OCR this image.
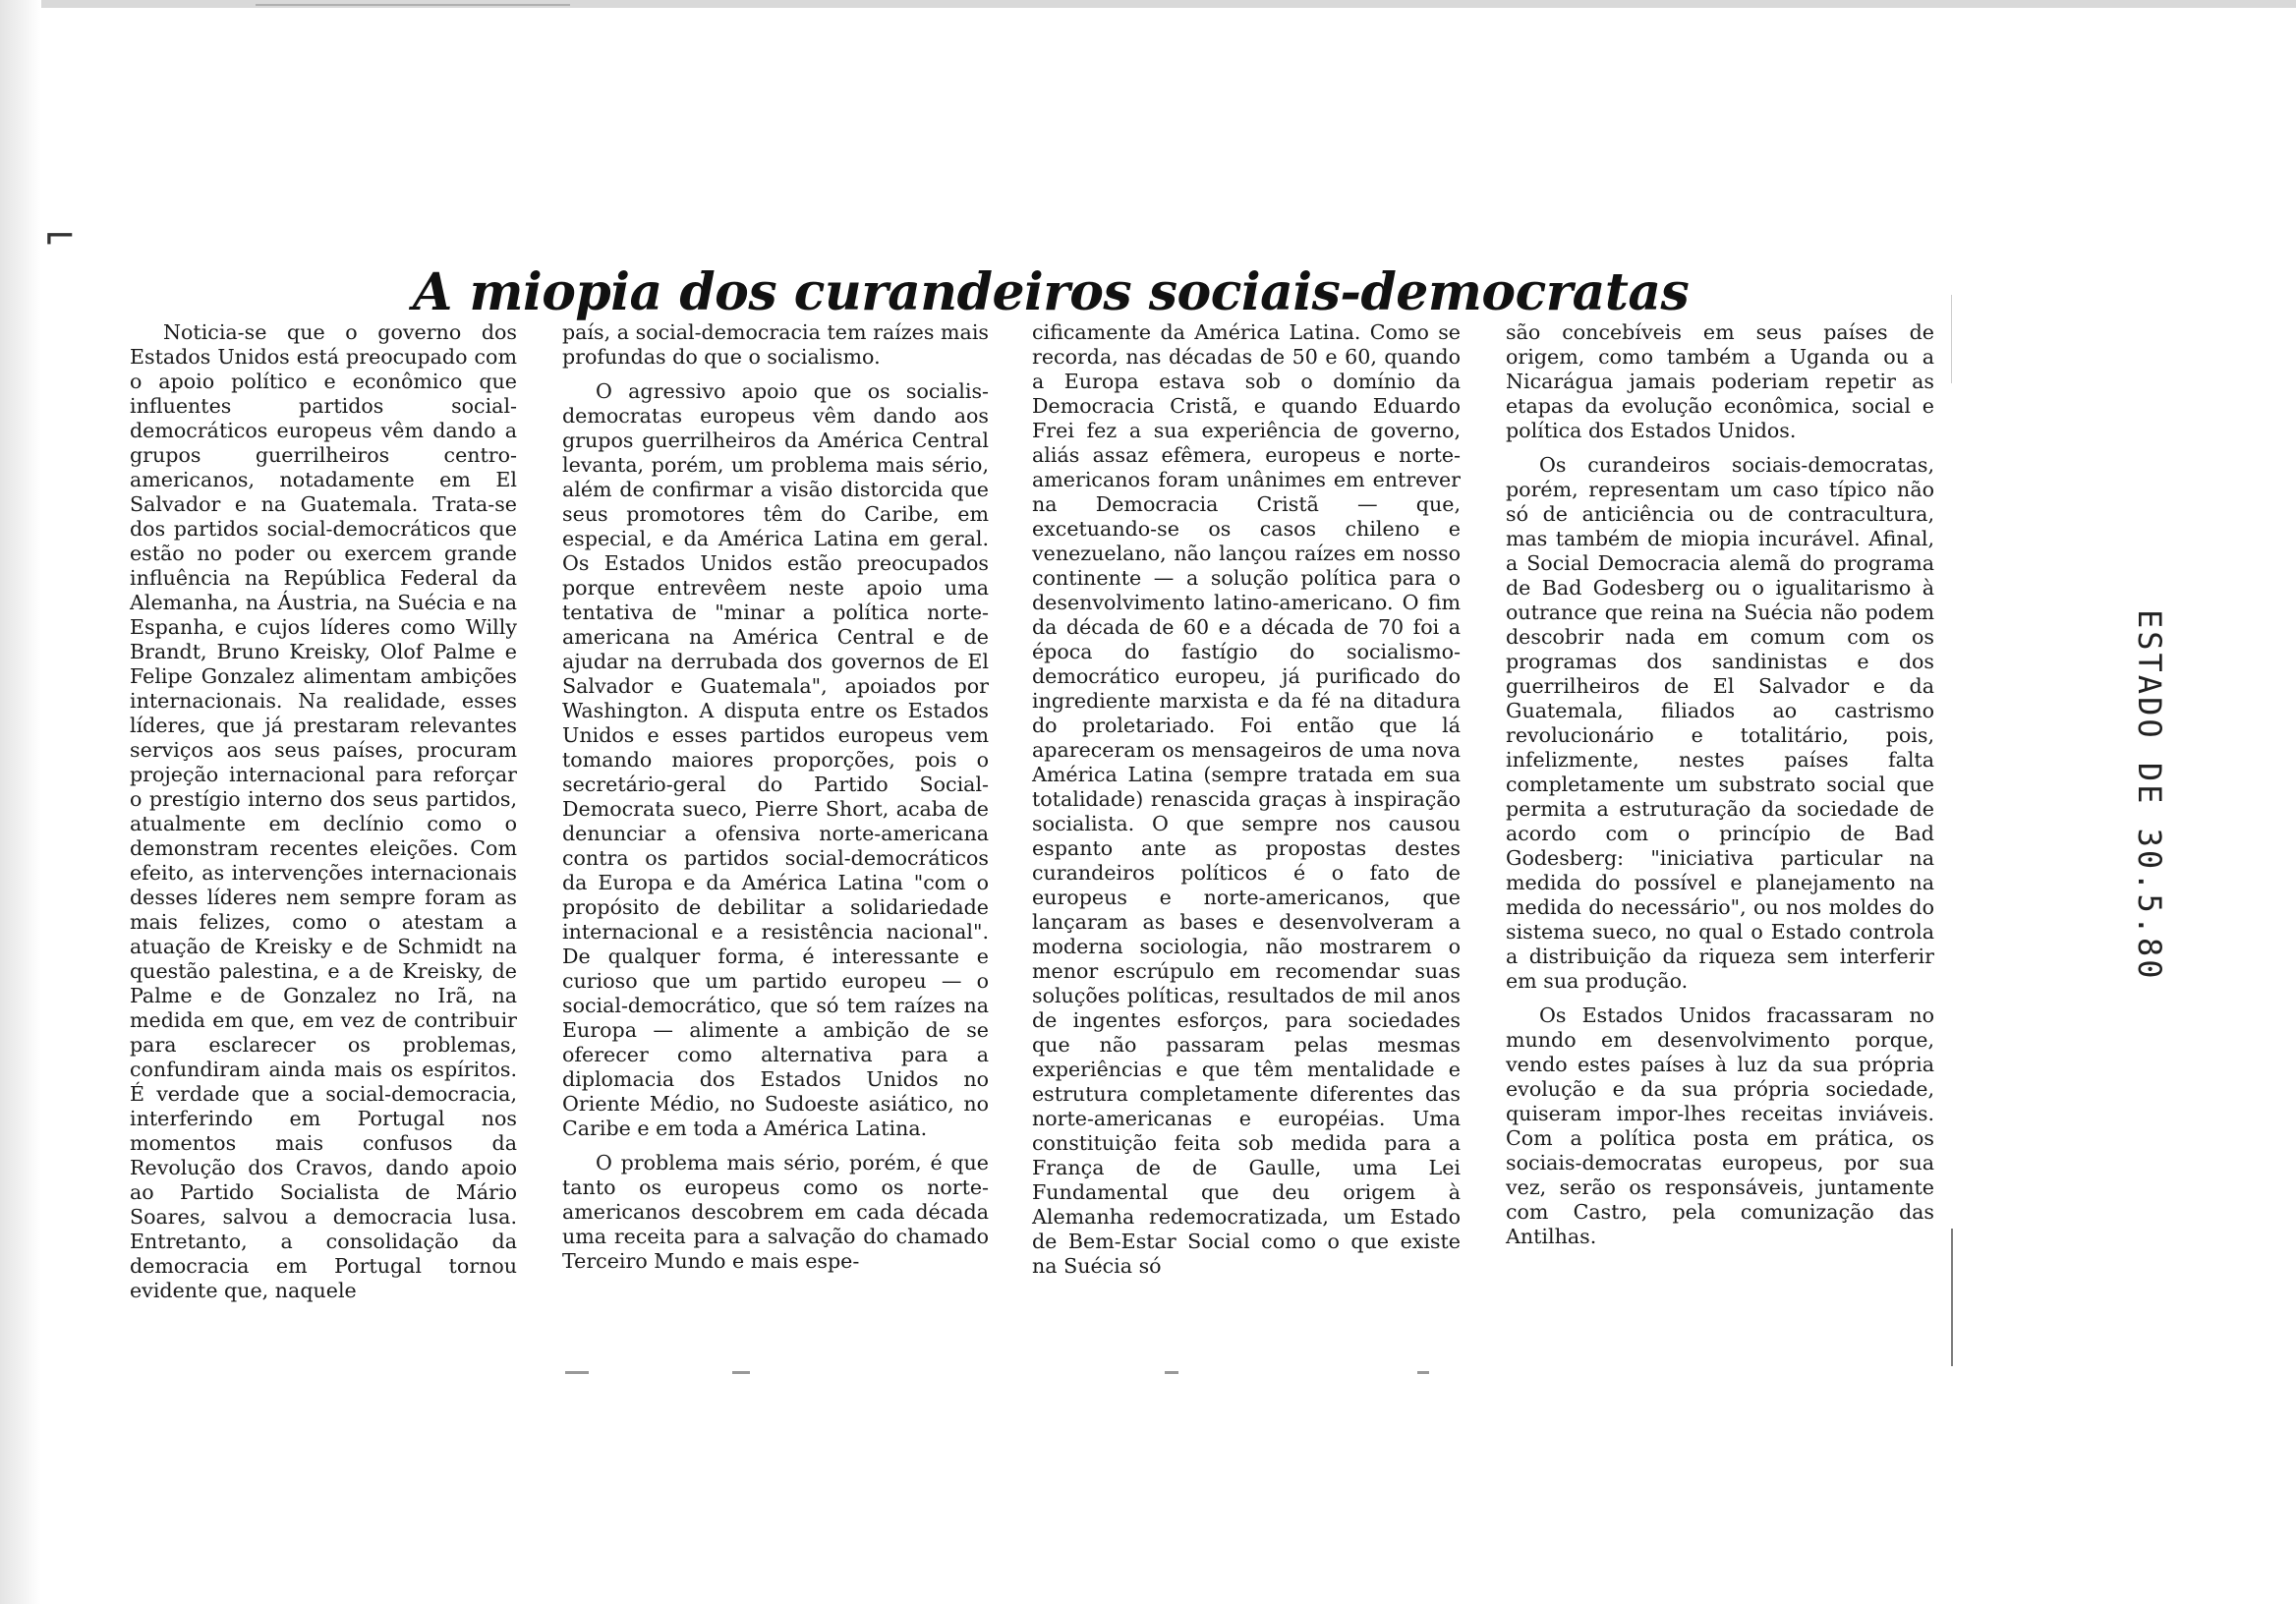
⌐
A miopia dos curandeiros sociais-democratas

Noticia-se que o governo dos Estados Unidos está preocupado com o apoio político e econômico que influentes partidos social-democráticos europeus vêm dando a grupos guerrilheiros centro-americanos, notadamente em El Salvador e na Guatemala. Trata-se dos partidos social-democráticos que estão no poder ou exercem grande influência na República Federal da Alemanha, na Áustria, na Suécia e na Espanha, e cujos líderes como Willy Brandt, Bruno Kreisky, Olof Palme e Felipe Gonzalez alimentam ambições internacionais. Na realidade, esses líderes, que já prestaram relevantes serviços aos seus países, procuram projeção internacional para reforçar o prestígio interno dos seus partidos, atualmente em declínio como o demonstram recentes eleições. Com efeito, as intervenções internacionais desses líderes nem sempre foram as mais felizes, como o atestam a atuação de Kreisky e de Schmidt na questão palestina, e a de Kreisky, de Palme e de Gonzalez no Irã, na medida em que, em vez de contribuir para esclarecer os problemas, confundiram ainda mais os espíritos. É verdade que a social-democracia, interferindo em Portugal nos momentos mais confusos da Revolução dos Cravos, dando apoio ao Partido Socialista de Mário Soares, salvou a democracia lusa. Entretanto, a consolidação da democracia em Portugal tornou evidente que, naquele

país, a social-democracia tem raízes mais profundas do que o socialismo.

O agressivo apoio que os socialis-democratas europeus vêm dando aos grupos guerrilheiros da América Central levanta, porém, um problema mais sério, além de confirmar a visão distorcida que seus promotores têm do Caribe, em especial, e da América Latina em geral. Os Estados Unidos estão preocupados porque entrevêem neste apoio uma tentativa de "minar a política norte-americana na América Central e de ajudar na derrubada dos governos de El Salvador e Guatemala", apoiados por Washington. A disputa entre os Estados Unidos e esses partidos europeus vem tomando maiores proporções, pois o secretário-geral do Partido Social-Democrata sueco, Pierre Short, acaba de denunciar a ofensiva norte-americana contra os partidos social-democráticos da Europa e da América Latina "com o propósito de debilitar a solidariedade internacional e a resistência nacional". De qualquer forma, é interessante e curioso que um partido europeu — o social-democrático, que só tem raízes na Europa — alimente a ambição de se oferecer como alternativa para a diplomacia dos Estados Unidos no Oriente Médio, no Sudoeste asiático, no Caribe e em toda a América Latina.

O problema mais sério, porém, é que tanto os europeus como os norte-americanos descobrem em cada década uma receita para a salvação do chamado Terceiro Mundo e mais espe-

cificamente da América Latina. Como se recorda, nas décadas de 50 e 60, quando a Europa estava sob o domínio da Democracia Cristã, e quando Eduardo Frei fez a sua experiência de governo, aliás assaz efêmera, europeus e norte-americanos foram unânimes em entrever na Democracia Cristã — que, excetuando-se os casos chileno e venezuelano, não lançou raízes em nosso continente — a solução política para o desenvolvimento latino-americano. O fim da década de 60 e a década de 70 foi a época do fastígio do socialismo-democrático europeu, já purificado do ingrediente marxista e da fé na ditadura do proletariado. Foi então que lá apareceram os mensageiros de uma nova América Latina (sempre tratada em sua totalidade) renascida graças à inspiração socialista. O que sempre nos causou espanto ante as propostas destes curandeiros políticos é o fato de europeus e norte-americanos, que lançaram as bases e desenvolveram a moderna sociologia, não mostrarem o menor escrúpulo em recomendar suas soluções políticas, resultados de mil anos de ingentes esforços, para sociedades que não passaram pelas mesmas experiências e que têm mentalidade e estrutura completamente diferentes das norte-americanas e européias. Uma constituição feita sob medida para a França de de Gaulle, uma Lei Fundamental que deu origem à Alemanha redemocratizada, um Estado de Bem-Estar Social como o que existe na Suécia só

são concebíveis em seus países de origem, como também a Uganda ou a Nicarágua jamais poderiam repetir as etapas da evolução econômica, social e política dos Estados Unidos.

Os curandeiros sociais-democratas, porém, representam um caso típico não só de anticiência ou de contracultura, mas também de miopia incurável. Afinal, a Social Democracia alemã do programa de Bad Godesberg ou o igualitarismo à outrance que reina na Suécia não podem descobrir nada em comum com os programas dos sandinistas e dos guerrilheiros de El Salvador e da Guatemala, filiados ao castrismo revolucionário e totalitário, pois, infelizmente, nestes países falta completamente um substrato social que permita a estruturação da sociedade de acordo com o princípio de Bad Godesberg: "iniciativa particular na medida do possível e planejamento na medida do necessário", ou nos moldes do sistema sueco, no qual o Estado controla a distribuição da riqueza sem interferir em sua produção.

Os Estados Unidos fracassaram no mundo em desenvolvimento porque, vendo estes países à luz da sua própria evolução e da sua própria sociedade, quiseram impor-lhes receitas inviáveis. Com a política posta em prática, os sociais-democratas europeus, por sua vez, serão os responsáveis, juntamente com Castro, pela comunização das Antilhas.

ESTADO DE 30.5.80
